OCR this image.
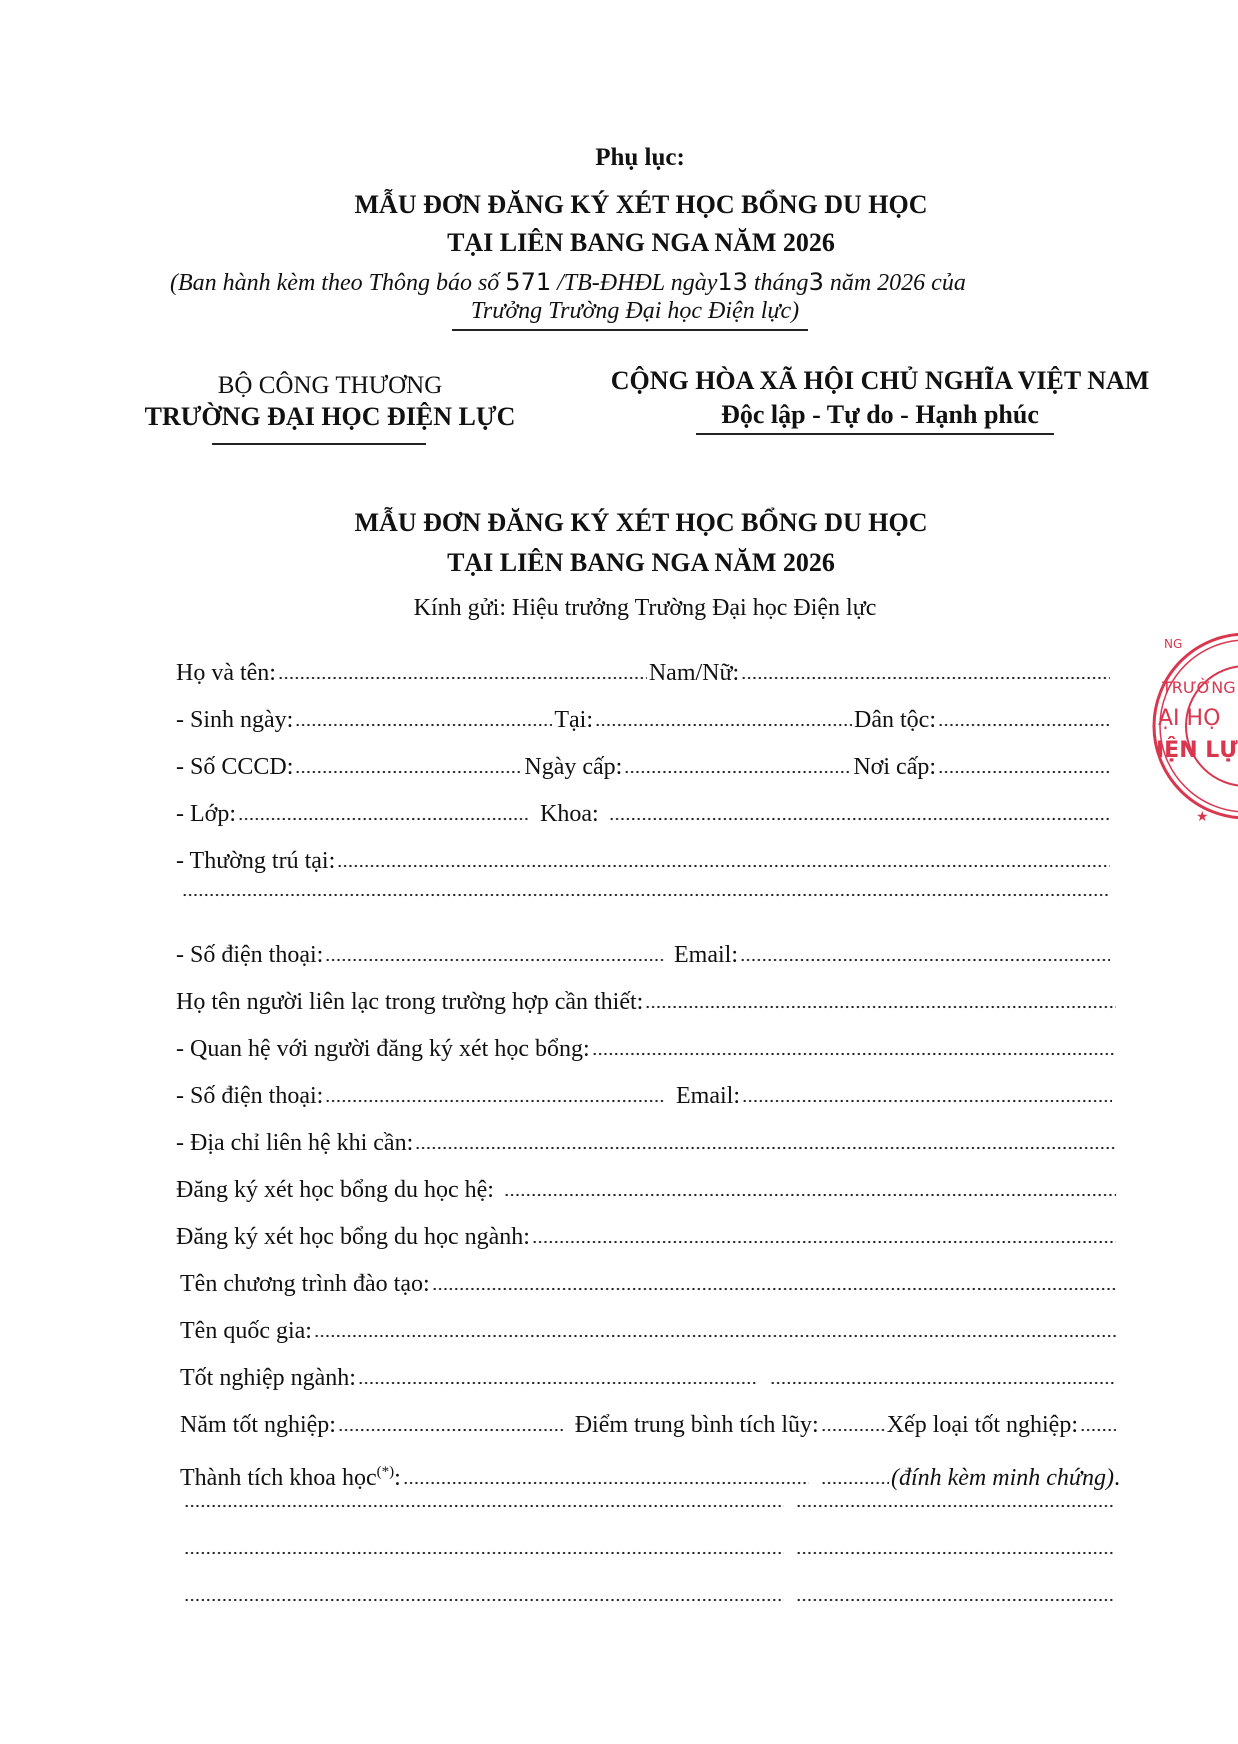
Phụ lục:
MẪU ĐƠN ĐĂNG KÝ XÉT HỌC BỔNG DU HỌC
TẠI LIÊN BANG NGA NĂM 2026
(Ban hành kèm theo Thông báo số 571 /TB-ĐHĐL ngày13 tháng3 năm 2026 của
Trưởng Trường Đại học Điện lực)
BỘ CÔNG THƯƠNG
TRƯỜNG ĐẠI HỌC ĐIỆN LỰC
CỘNG HÒA XÃ HỘI CHỦ NGHĨA VIỆT NAM
Độc lập - Tự do - Hạnh phúc
MẪU ĐƠN ĐĂNG KÝ XÉT HỌC BỔNG DU HỌC
TẠI LIÊN BANG NGA NĂM 2026
Kính gửi: Hiệu trưởng Trường Đại học Điện lực
Họ và tên:	Nam/Nữ:
- Sinh ngày:	Tại:	Dân tộc:
- Số CCCD:	Ngày cấp:	Nơi cấp:
- Lớp:	Khoa:
- Thường trú tại:
- Số điện thoại:	Email:
Họ tên người liên lạc trong trường hợp cần thiết:
- Quan hệ với người đăng ký xét học bổng:
- Số điện thoại:	Email:
- Địa chỉ liên hệ khi cần:
Đăng ký xét học bổng du học hệ:
Đăng ký xét học bổng du học ngành:
Tên chương trình đào tạo:
Tên quốc gia:
Tốt nghiệp ngành:
Năm tốt nghiệp:	Điểm trung bình tích lũy:	Xếp loại tốt nghiệp:
Thành tích khoa học(*):	(đính kèm minh chứng) .
NG
TRƯỜNG
ẠI HỌ
IỆN LỰ
★
